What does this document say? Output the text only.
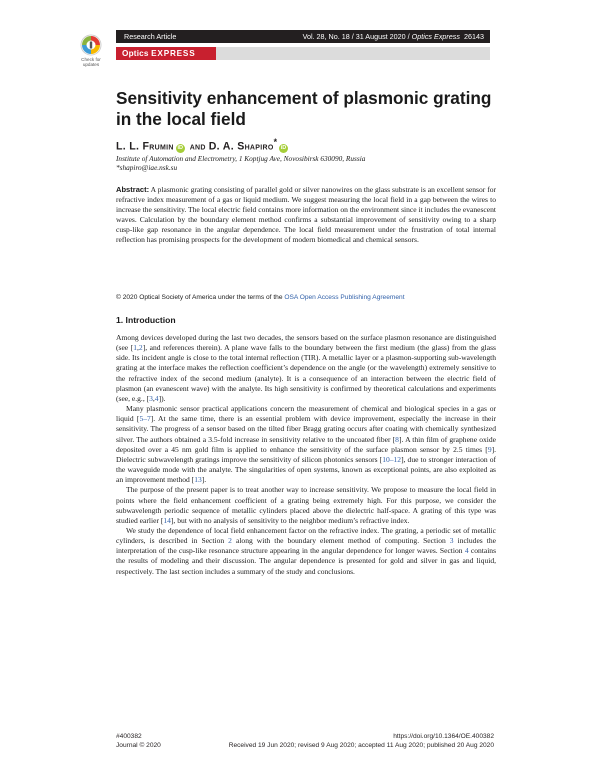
Check for updates
Research Article	Vol. 28, No. 18 / 31 August 2020 / Optics Express 26143
Optics EXPRESS
Sensitivity enhancement of plasmonic grating in the local field
L. L. Frumin iD and D. A. Shapiro*iD
Institute of Automation and Electrometry, 1 Koptjug Ave, Novosibirsk 630090, Russia
*shapiro@iae.nsk.su
Abstract: A plasmonic grating consisting of parallel gold or silver nanowires on the glass substrate is an excellent sensor for refractive index measurement of a gas or liquid medium. We suggest measuring the local field in a gap between the wires to increase the sensitivity. The local electric field contains more information on the environment since it includes the evanescent waves. Calculation by the boundary element method confirms a substantial improvement of sensitivity owing to a sharp cusp-like gap resonance in the angular dependence. The local field measurement under the frustration of total internal reflection has promising prospects for the development of modern biomedical and chemical sensors.
© 2020 Optical Society of America under the terms of the OSA Open Access Publishing Agreement
1. Introduction

Among devices developed during the last two decades, the sensors based on the surface plasmon resonance are distinguished (see [1,2], and references therein). A plane wave falls to the boundary between the first medium (the glass) from the glass side. Its incident angle is close to the total internal reflection (TIR). A metallic layer or a plasmon-supporting sub-wavelength grating at the interface makes the reflection coefficient’s dependence on the angle (or the wavelength) extremely sensitive to the refractive index of the second medium (analyte). It is a consequence of an interaction between the electric field of plasmon (an evanescent wave) with the analyte. Its high sensitivity is confirmed by theoretical calculations and experiments (see, e.g., [3,4]).

Many plasmonic sensor practical applications concern the measurement of chemical and biological species in a gas or liquid [5–7]. At the same time, there is an essential problem with device improvement, especially the increase in their sensitivity. The progress of a sensor based on the tilted fiber Bragg grating occurs after coating with chemically synthesized silver. The authors obtained a 3.5-fold increase in sensitivity relative to the uncoated fiber [8]. A thin film of graphene oxide deposited over a 45 nm gold film is applied to enhance the sensitivity of the surface plasmon sensor by 2.5 times [9]. Dielectric subwavelength gratings improve the sensitivity of silicon photonics sensors [10–12], due to stronger interaction of the waveguide mode with the analyte. The singularities of open systems, known as exceptional points, are also exploited as an improvement method [13].

The purpose of the present paper is to treat another way to increase sensitivity. We propose to measure the local field in points where the field enhancement coefficient of a grating being extremely high. For this purpose, we consider the subwavelength periodic sequence of metallic cylinders placed above the dielectric half-space. A grating of this type was studied earlier [14], but with no analysis of sensitivity to the neighbor medium’s refractive index.

We study the dependence of local field enhancement factor on the refractive index. The grating, a periodic set of metallic cylinders, is described in Section 2 along with the boundary element method of computing. Section 3 includes the interpretation of the cusp-like resonance structure appearing in the angular dependence for longer waves. Section 4 contains the results of modeling and their discussion. The angular dependence is presented for gold and silver in gas and liquid, respectively. The last section includes a summary of the study and conclusions.

#400382	https://doi.org/10.1364/OE.400382
Journal © 2020	Received 19 Jun 2020; revised 9 Aug 2020; accepted 11 Aug 2020; published 20 Aug 2020
